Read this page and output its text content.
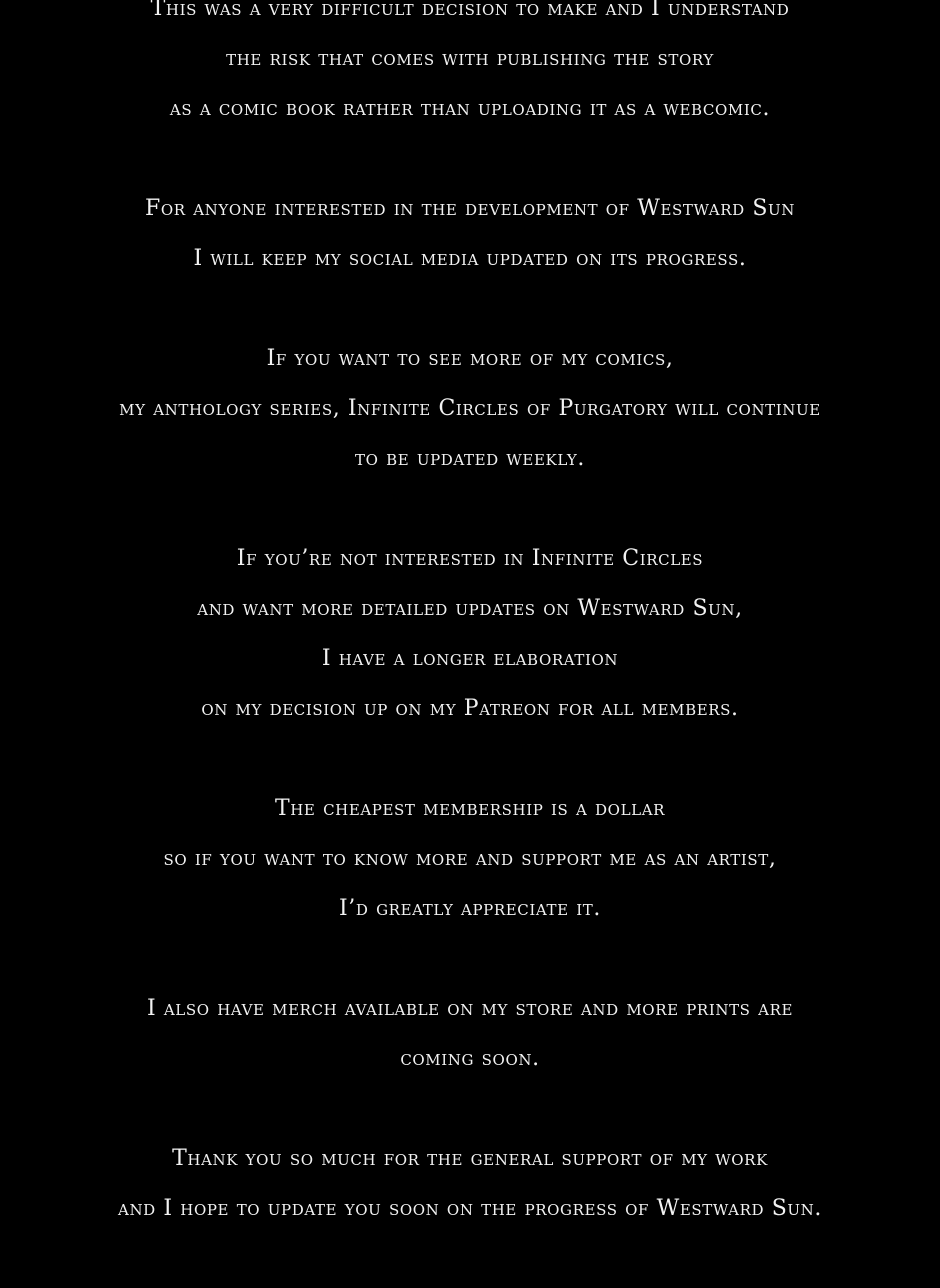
This was a very difficult decision to make and I understand
the risk that comes with publishing the story
as a comic book rather than uploading it as a webcomic.
For anyone interested in the development of Westward Sun
I will keep my social media updated on its progress.
If you want to see more of my comics,
my anthology series, Infinite Circles of Purgatory will continue
to be updated weekly.
If you’re not interested in Infinite Circles
and want more detailed updates on Westward Sun,
I have a longer elaboration
on my decision up on my Patreon for all members.
The cheapest membership is a dollar
so if you want to know more and support me as an artist,
I’d greatly appreciate it.
I also have merch available on my store and more prints are
coming soon.
Thank you so much for the general support of my work
and I hope to update you soon on the progress of Westward Sun.
